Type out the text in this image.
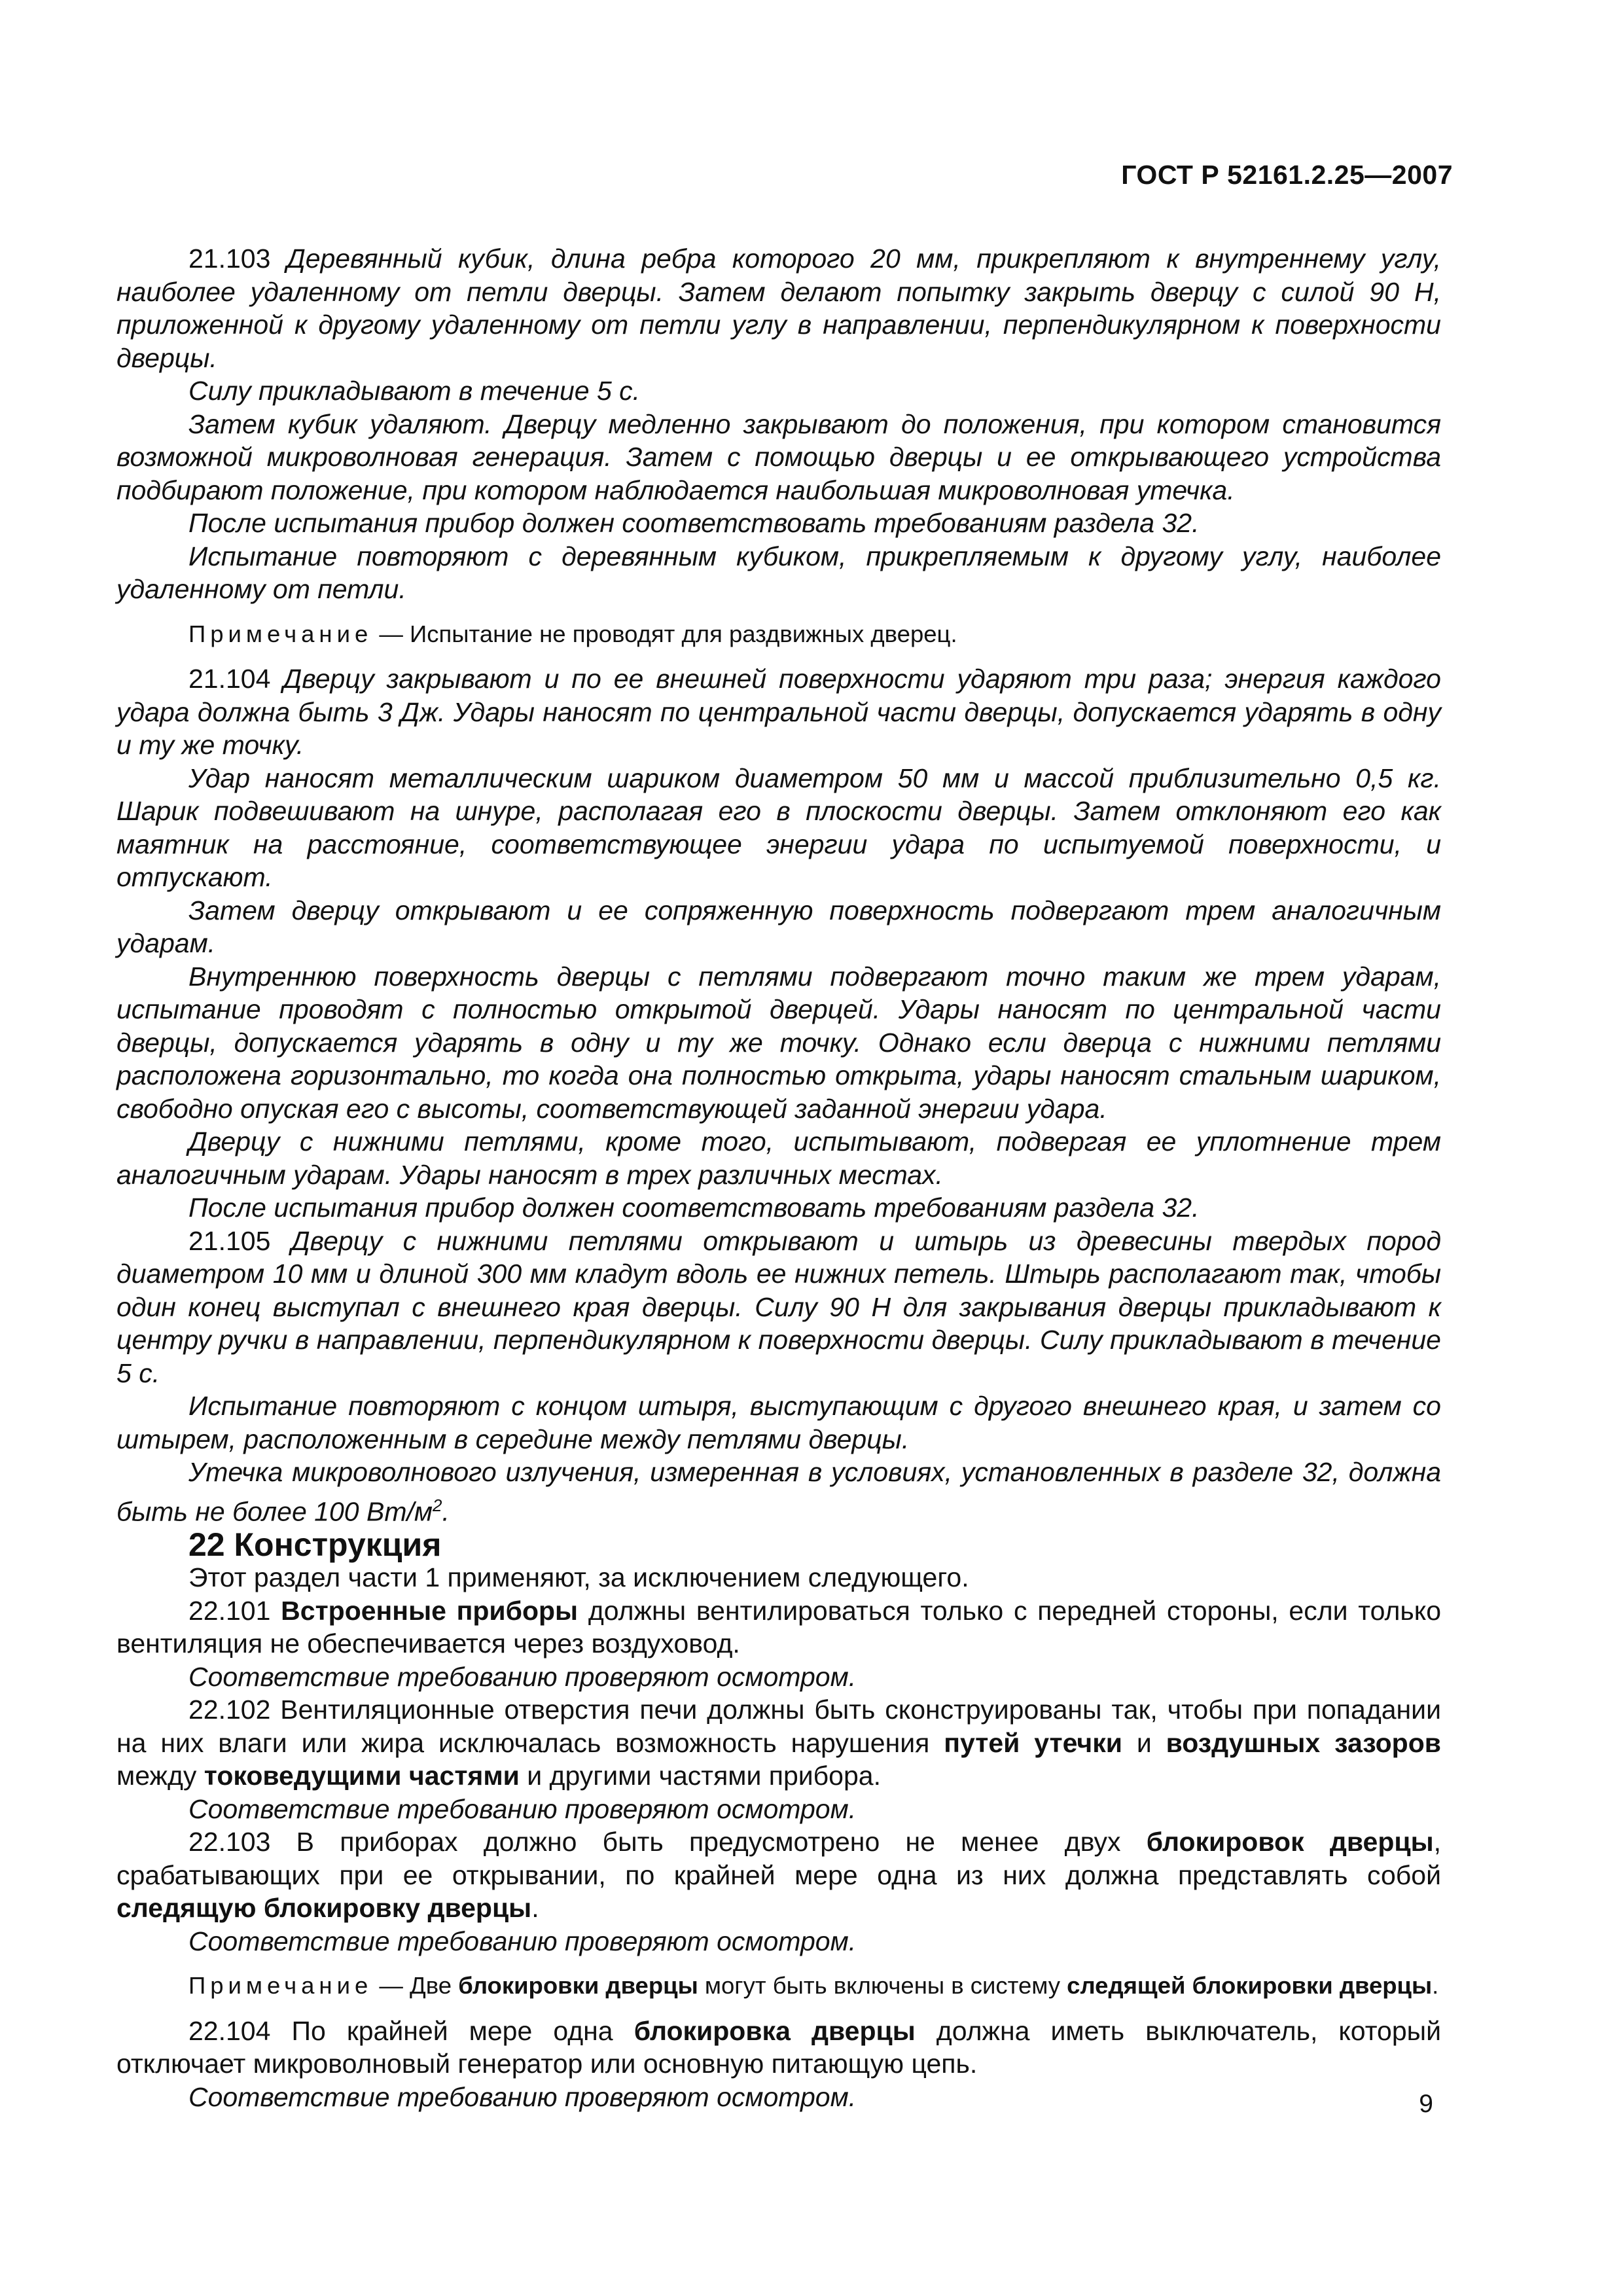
ГОСТ Р 52161.2.25—2007

21.103 Деревянный кубик, длина ребра которого 20 мм, прикрепляют к внутреннему углу, наиболее удаленному от петли дверцы. Затем делают попытку закрыть дверцу с силой 90 Н, приложенной к другому удаленному от петли углу в направлении, перпендикулярном к поверхности дверцы.

Силу прикладывают в течение 5 с.

Затем кубик удаляют. Дверцу медленно закрывают до положения, при котором становится возможной микроволновая генерация. Затем с помощью дверцы и ее открывающего устройства подбирают положение, при котором наблюдается наибольшая микроволновая утечка.

После испытания прибор должен соответствовать требованиям раздела 32.

Испытание повторяют с деревянным кубиком, прикрепляемым к другому углу, наиболее удаленному от петли.

Примечание — Испытание не проводят для раздвижных дверец.

21.104 Дверцу закрывают и по ее внешней поверхности ударяют три раза; энергия каждого удара должна быть 3 Дж. Удары наносят по центральной части дверцы, допускается ударять в одну и ту же точку.

Удар наносят металлическим шариком диаметром 50 мм и массой приблизительно 0,5 кг. Шарик подвешивают на шнуре, располагая его в плоскости дверцы. Затем отклоняют его как маятник на расстояние, соответствующее энергии удара по испытуемой поверхности, и отпускают.

Затем дверцу открывают и ее сопряженную поверхность подвергают трем аналогичным ударам.

Внутреннюю поверхность дверцы с петлями подвергают точно таким же трем ударам, испытание проводят с полностью открытой дверцей. Удары наносят по центральной части дверцы, допускается ударять в одну и ту же точку. Однако если дверца с нижними петлями расположена горизонтально, то когда она полностью открыта, удары наносят стальным шариком, свободно опуская его с высоты, соответствующей заданной энергии удара.

Дверцу с нижними петлями, кроме того, испытывают, подвергая ее уплотнение трем аналогичным ударам. Удары наносят в трех различных местах.

После испытания прибор должен соответствовать требованиям раздела 32.

21.105 Дверцу с нижними петлями открывают и штырь из древесины твердых пород диаметром 10 мм и длиной 300 мм кладут вдоль ее нижних петель. Штырь располагают так, чтобы один конец выступал с внешнего края дверцы. Силу 90 Н для закрывания дверцы прикладывают к центру ручки в направлении, перпендикулярном к поверхности дверцы. Силу прикладывают в течение 5 с.

Испытание повторяют с концом штыря, выступающим с другого внешнего края, и затем со штырем, расположенным в середине между петлями дверцы.

Утечка микроволнового излучения, измеренная в условиях, установленных в разделе 32, должна быть не более 100 $Вт/м^2$.

22 Конструкция

Этот раздел части 1 применяют, за исключением следующего.

22.101 Встроенные приборы должны вентилироваться только с передней стороны, если только вентиляция не обеспечивается через воздуховод.

Соответствие требованию проверяют осмотром.

22.102 Вентиляционные отверстия печи должны быть сконструированы так, чтобы при попадании на них влаги или жира исключалась возможность нарушения путей утечки и воздушных зазоров между токоведущими частями и другими частями прибора.

Соответствие требованию проверяют осмотром.

22.103 В приборах должно быть предусмотрено не менее двух блокировок дверцы, срабатывающих при ее открывании, по крайней мере одна из них должна представлять собой следящую блокировку дверцы.

Соответствие требованию проверяют осмотром.

Примечание — Две блокировки дверцы могут быть включены в систему следящей блокировки дверцы.

22.104 По крайней мере одна блокировка дверцы должна иметь выключатель, который отключает микроволновый генератор или основную питающую цепь.

Соответствие требованию проверяют осмотром.	9
